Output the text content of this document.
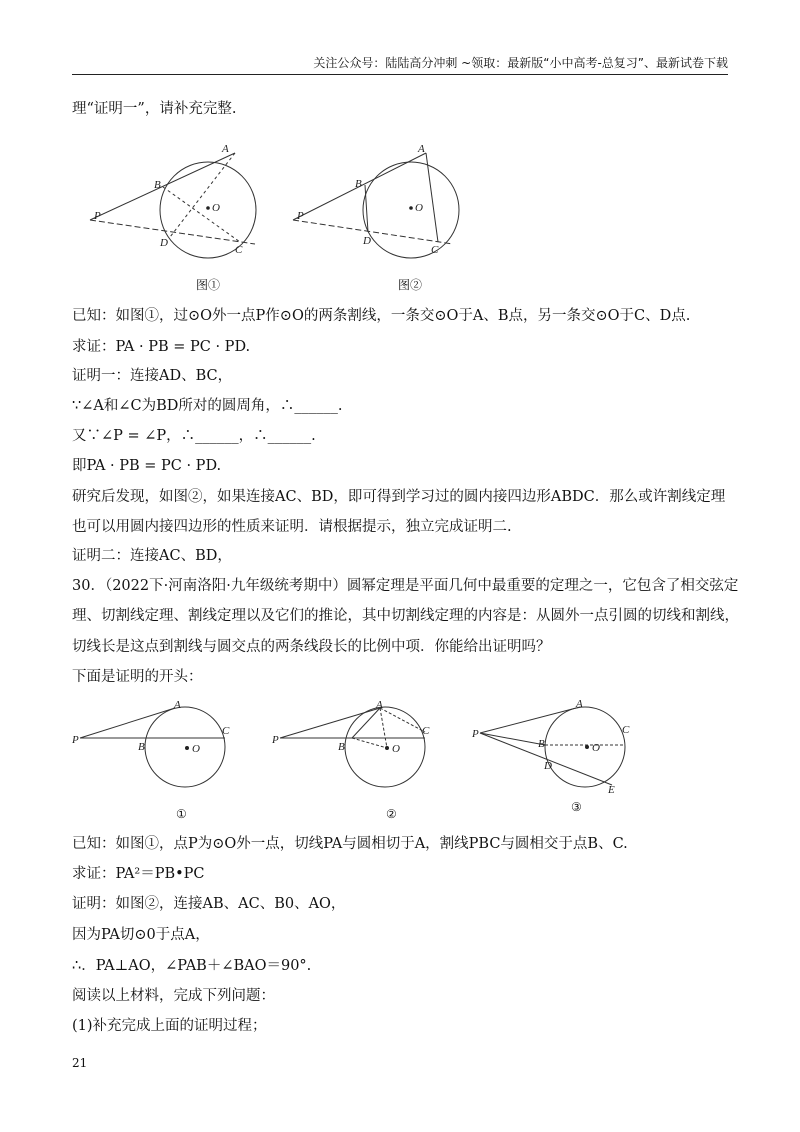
关注公众号：陆陆高分冲刺 ~领取：最新版“小中高考-总复习”、最新试卷下载
理“证明一”，请补充完整.
A
B
P
O
D
C
图①
A
B
P
O
D
C
图②
已知：如图①，过⊙O外一点P作⊙O的两条割线，一条交⊙O于A、B点，另一条交⊙O于C、D点.
求证：PA · PB = PC · PD.
证明一：连接AD、BC，
∵∠A和∠C为BD所对的圆周角，∴______.
又∵∠P = ∠P，∴______，∴______.
即PA · PB = PC · PD.
研究后发现，如图②，如果连接AC、BD，即可得到学习过的圆内接四边形ABDC．那么或许割线定理
也可以用圆内接四边形的性质来证明．请根据提示，独立完成证明二.
证明二：连接AC、BD，
30．（2022下·河南洛阳·九年级统考期中）圆幂定理是平面几何中最重要的定理之一，它包含了相交弦定
理、切割线定理、割线定理以及它们的推论，其中切割线定理的内容是：从圆外一点引圆的切线和割线，
切线长是这点到割线与圆交点的两条线段长的比例中项．你能给出证明吗？
下面是证明的开头：
P
A
B
C
O
①
P
A
B
C
O
②
P
A
B
C
O
D
E
③
已知：如图①，点P为⊙O外一点，切线PA与圆相切于A，割线PBC与圆相交于点B、C.
求证：PA²＝PB•PC
证明：如图②，连接AB、AC、B0、AO，
因为PA切⊙0于点A，
∴．PA⊥AO，∠PAB＋∠BAO＝90°.
阅读以上材料，完成下列问题：
(1)补充完成上面的证明过程；
21
